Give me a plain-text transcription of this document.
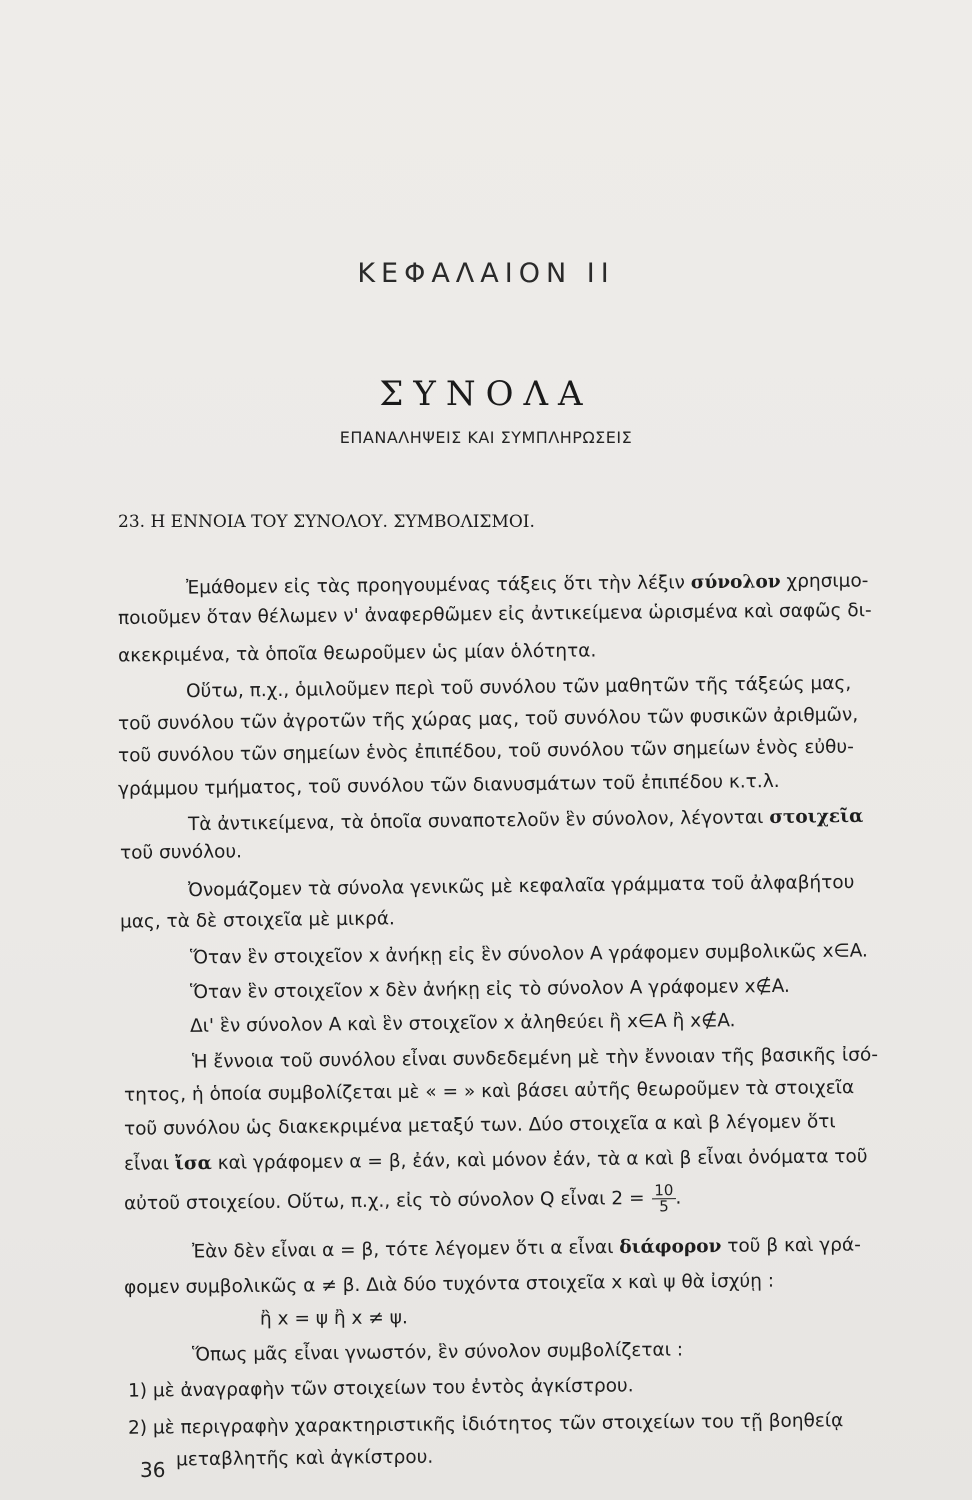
ΚΕΦΑΛΑΙΟΝ II
ΣΥΝΟΛΑ
ΕΠΑΝΑΛΗΨΕΙΣ ΚΑΙ ΣΥΜΠΛΗΡΩΣΕΙΣ
23. Η ΕΝΝΟΙΑ ΤΟΥ ΣΥΝΟΛΟΥ. ΣΥΜΒΟΛΙΣΜΟΙ.
Ἐμάθομεν εἰς τὰς προηγουμένας τάξεις ὅτι τὴν λέξιν σύνολον χρησιμο-
ποιοῦμεν ὅταν θέλωμεν ν' ἀναφερθῶμεν εἰς ἀντικείμενα ὡρισμένα καὶ σαφῶς δι-
ακεκριμένα, τὰ ὁποῖα θεωροῦμεν ὡς μίαν ὁλότητα.
Οὕτω, π.χ., ὁμιλοῦμεν περὶ τοῦ συνόλου τῶν μαθητῶν τῆς τάξεώς μας,
τοῦ συνόλου τῶν ἀγροτῶν τῆς χώρας μας, τοῦ συνόλου τῶν φυσικῶν ἀριθμῶν,
τοῦ συνόλου τῶν σημείων ἑνὸς ἐπιπέδου, τοῦ συνόλου τῶν σημείων ἑνὸς εὐθυ-
γράμμου τμήματος, τοῦ συνόλου τῶν διανυσμάτων τοῦ ἐπιπέδου κ.τ.λ.
Τὰ ἀντικείμενα, τὰ ὁποῖα συναποτελοῦν ἓν σύνολον, λέγονται στοιχεῖα
τοῦ συνόλου.
Ὀνομάζομεν τὰ σύνολα γενικῶς μὲ κεφαλαῖα γράμματα τοῦ ἀλφαβήτου
μας, τὰ δὲ στοιχεῖα μὲ μικρά.
Ὅταν ἓν στοιχεῖον x ἀνήκῃ εἰς ἓν σύνολον A γράφομεν συμβολικῶς x∈A.
Ὅταν ἓν στοιχεῖον x δὲν ἀνήκῃ εἰς τὸ σύνολον A γράφομεν x∉A.
Δι' ἓν σύνολον A καὶ ἓν στοιχεῖον x ἀληθεύει ἢ x∈A ἢ x∉A.
Ἡ ἔννοια τοῦ συνόλου εἶναι συνδεδεμένη μὲ τὴν ἔννοιαν τῆς βασικῆς ἰσό-
τητος, ἡ ὁποία συμβολίζεται μὲ « = » καὶ βάσει αὐτῆς θεωροῦμεν τὰ στοιχεῖα
τοῦ συνόλου ὡς διακεκριμένα μεταξύ των. Δύο στοιχεῖα α καὶ β λέγομεν ὅτι
εἶναι ἴσα καὶ γράφομεν α = β, ἐάν, καὶ μόνον ἐάν, τὰ α καὶ β εἶναι ὀνόματα τοῦ
αὐτοῦ στοιχείου. Οὕτω, π.χ., εἰς τὸ σύνολον Q εἶναι $2 = \frac{10}{5}$ .
Ἐὰν δὲν εἶναι α = β, τότε λέγομεν ὅτι α εἶναι διάφορον τοῦ β καὶ γρά-
φομεν συμβολικῶς α ≠ β. Διὰ δύο τυχόντα στοιχεῖα x καὶ ψ θὰ ἰσχύῃ :
ἢ x = ψ ἢ x ≠ ψ.
Ὅπως μᾶς εἶναι γνωστόν, ἓν σύνολον συμβολίζεται :
1) μὲ ἀναγραφὴν τῶν στοιχείων του ἐντὸς ἀγκίστρου.
2) μὲ περιγραφὴν χαρακτηριστικῆς ἰδιότητος τῶν στοιχείων του τῇ βοηθείᾳ
μεταβλητῆς καὶ ἀγκίστρου.
36
